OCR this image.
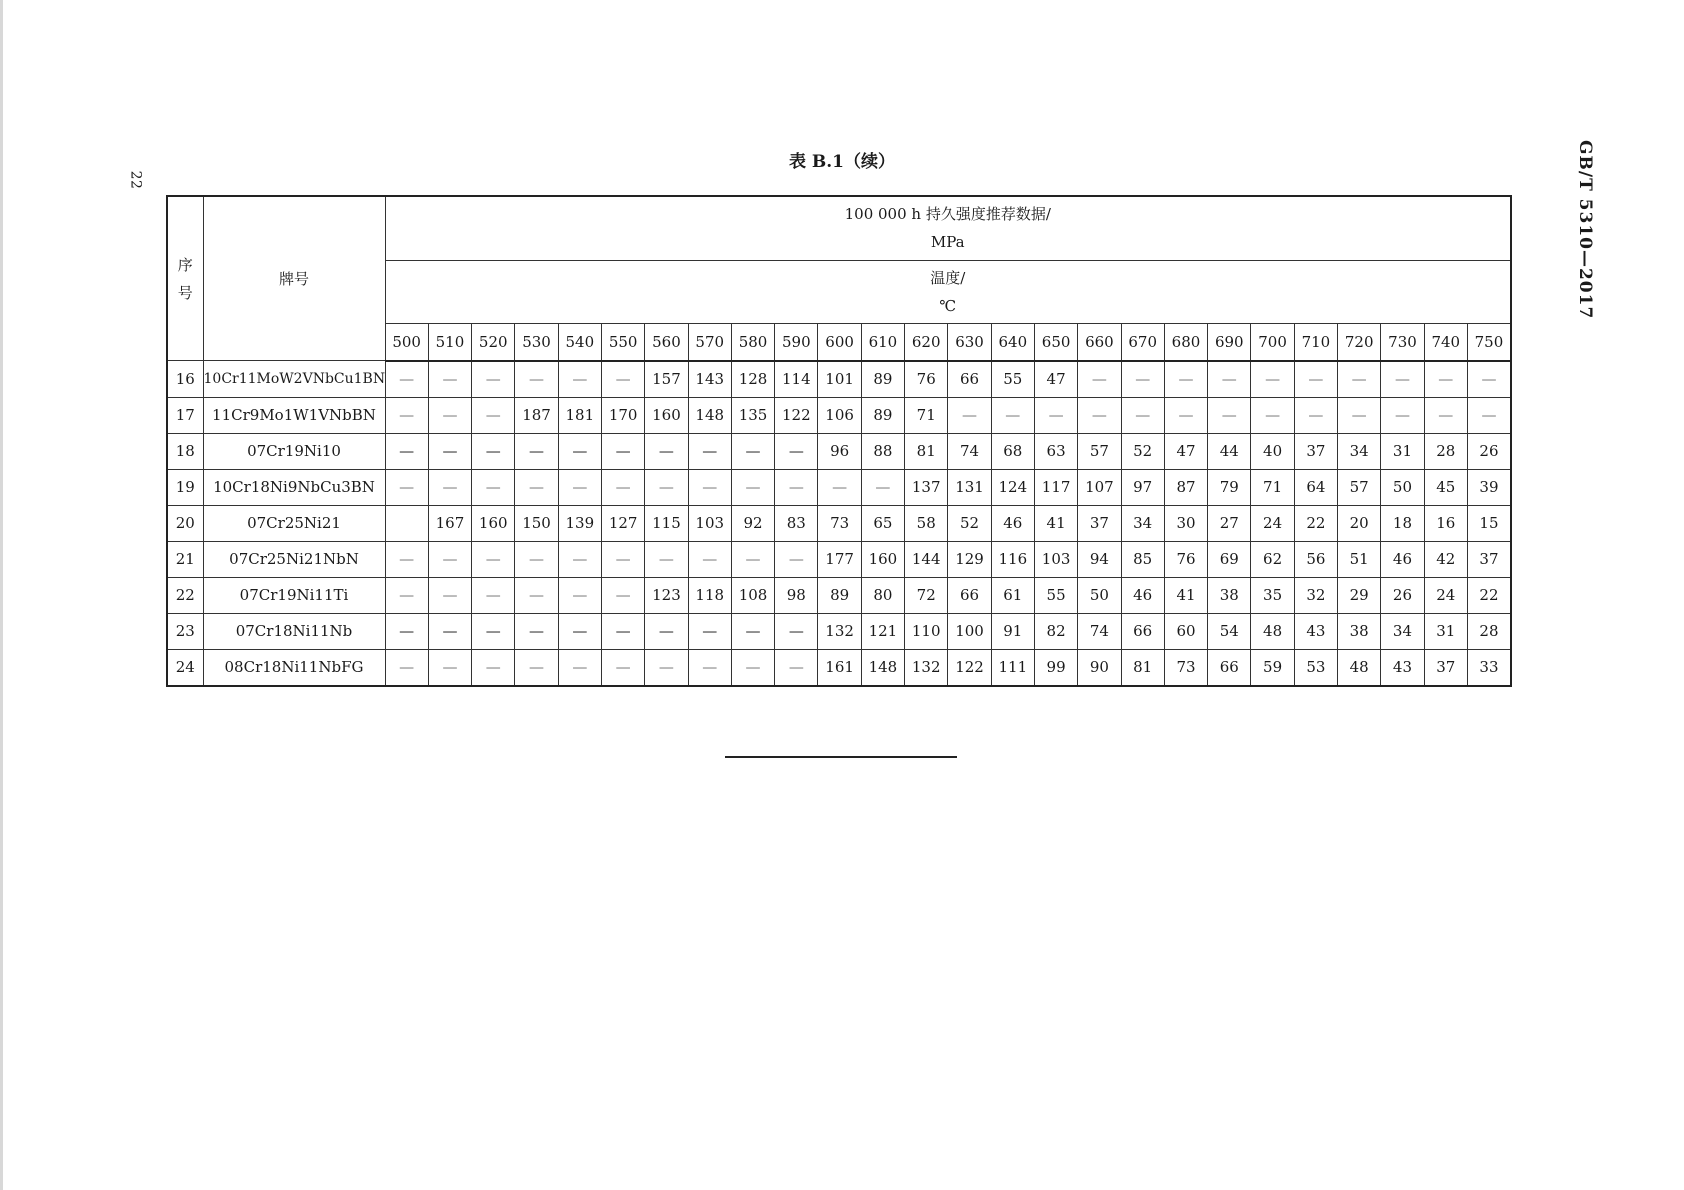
22	GB/T 5310—2017
表 B.1（续）
序
号	牌号	100 000 h 持久强度推荐数据/
MPa																									
		温度/
℃																									
		500	510	520	530	540	550	560	570	580	590	600	610	620	630	640	650	660	670	680	690	700	710	720	730	740	750
16	10Cr11MoW2VNbCu1BN	—	—	—	—	—	—	157	143	128	114	101	89	76	66	55	47	—	—	—	—	—	—	—	—	—	—
17	11Cr9Mo1W1VNbBN	—	—	—	187	181	170	160	148	135	122	106	89	71	—	—	—	—	—	—	—	—	—	—	—	—	—
18	07Cr19Ni10	—	—	—	—	—	—	—	—	—	—	96	88	81	74	68	63	57	52	47	44	40	37	34	31	28	26
19	10Cr18Ni9NbCu3BN	—	—	—	—	—	—	—	—	—	—	—	—	137	131	124	117	107	97	87	79	71	64	57	50	45	39
20	07Cr25Ni21		167	160	150	139	127	115	103	92	83	73	65	58	52	46	41	37	34	30	27	24	22	20	18	16	15
21	07Cr25Ni21NbN	—	—	—	—	—	—	—	—	—	—	177	160	144	129	116	103	94	85	76	69	62	56	51	46	42	37
22	07Cr19Ni11Ti	—	—	—	—	—	—	123	118	108	98	89	80	72	66	61	55	50	46	41	38	35	32	29	26	24	22
23	07Cr18Ni11Nb	—	—	—	—	—	—	—	—	—	—	132	121	110	100	91	82	74	66	60	54	48	43	38	34	31	28
24	08Cr18Ni11NbFG	—	—	—	—	—	—	—	—	—	—	161	148	132	122	111	99	90	81	73	66	59	53	48	43	37	33
